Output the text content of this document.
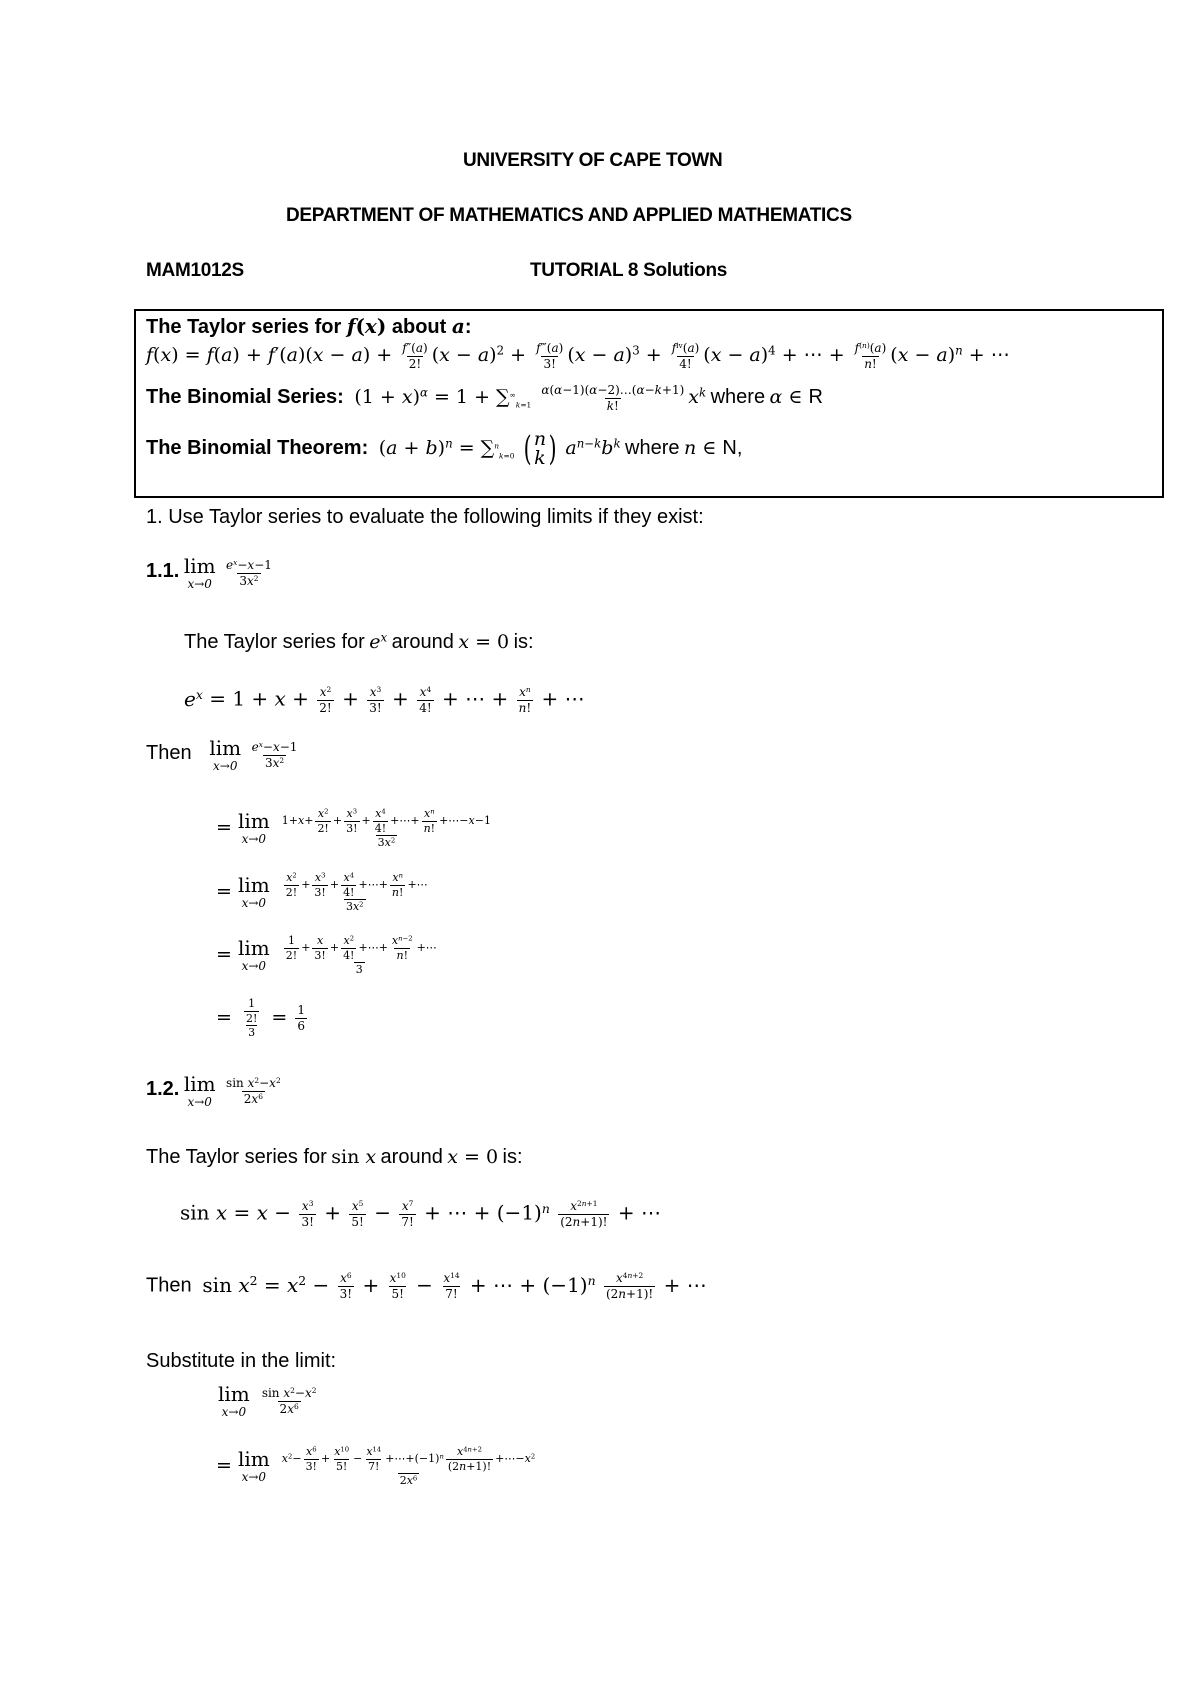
UNIVERSITY OF CAPE TOWN
DEPARTMENT OF MATHEMATICS AND APPLIED MATHEMATICS
MAM1012S	TUTORIAL 8 Solutions
The Taylor series for f(x) about a:
$f(x) = f(a) + f'(a)(x - a) + \frac{f''(a)}{2!} (x - a)^2 + \frac{f‴(a)}{3!} (x - a)^3 + \frac{f^{iv}(a)}{4!} (x - a)^4$ + ⋯ + $\frac{f^{(n)}(a)}{n!} (x - a)^n$ + ⋯
The Binomial Series:  $(1 + x)^\alpha = 1 + \sum^\infty_{k=1} \frac{\alpha(\alpha-1)(\alpha-2)\dots(\alpha-k+1)}{k!} x^k$ where α ∈ R
The Binomial Theorem:  $(a + b)^n = \sum^n_{k=0}$ ( n
k ) $a^{n-k}b^k$ where n ∈ N,
1. Use Taylor series to evaluate the following limits if they exist:
1.1. lim
x→0
$\frac{e^x-x-1}{3x^2}$
The Taylor series for $e^x$ around x = 0 is:
$e^x = 1 + x + \frac{x^2}{2!} + \frac{x^3}{3!} + \frac{x^4}{4!}$ + ⋯ + $\frac{x^n}{n!}$ + ⋯
Then lim
x→0
$\frac{e^x-x-1}{3x^2}$
= lim
x→0
$\frac{1+x+ \frac{x^2}{2!} + \frac{x^3}{3!} + \frac{x^4}{4!} +\cdots+ \frac{x^n}{n!} +\cdots-x-1}{3x^2}$
= lim
x→0
$\frac{\frac{x^2}{2!} + \frac{x^3}{3!} + \frac{x^4}{4!} +\cdots+ \frac{x^n}{n!} +\cdots}{3x^2}$
= lim
x→0
$\frac{\frac{1}{2!} + \frac{x}{3!} + \frac{x^2}{4!} +\cdots+ \frac{x^{n-2}}{n!} +\cdots}{3}$
= $\frac{\frac{1}{2!}}{3} = \frac{1}{6}$
1.2. lim
x→0
$\frac{\sin x^2-x^2}{2x^6}$
The Taylor series for sin x around x = 0 is:
$\sin x = x - \frac{x^3}{3!} + \frac{x^5}{5!} - \frac{x^7}{7!}$ + ⋯ + $(-1)^n \frac{x^{2n+1}}{(2n+1)!}$ + ⋯
Then  $\sin x^2 = x^2 - \frac{x^6}{3!} + \frac{x^{10}}{5!} - \frac{x^{14}}{7!}$ + ⋯ + $(-1)^n \frac{x^{4n+2}}{(2n+1)!}$ + ⋯
Substitute in the limit:
lim
x→0
$\frac{\sin x^2-x^2}{2x^6}$
= lim
x→0
$\frac{x^2- \frac{x^6}{3!} + \frac{x^{10}}{5!} - \frac{x^{14}}{7!} +\cdots+(-1)^n \frac{x^{4n+2}}{(2n+1)!} +\cdots-x^2}{2x^6}$
